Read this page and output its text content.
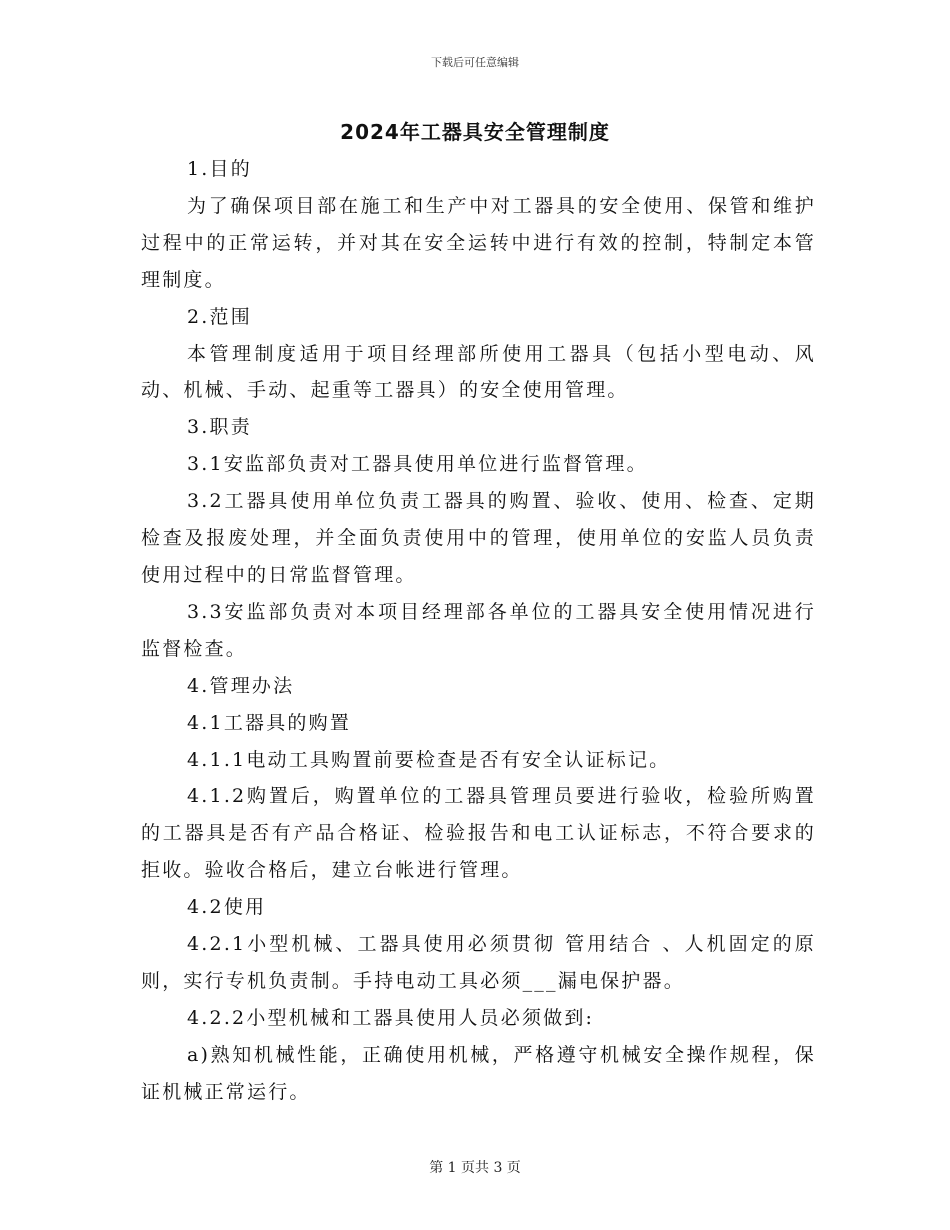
下载后可任意编辑
2024年工器具安全管理制度

1.目的

为了确保项目部在施工和生产中对工器具的安全使用、保管和维护过程中的正常运转，并对其在安全运转中进行有效的控制，特制定本管理制度。

2.范围

本管理制度适用于项目经理部所使用工器具（包括小型电动、风动、机械、手动、起重等工器具）的安全使用管理。

3.职责

3.1安监部负责对工器具使用单位进行监督管理。

3.2工器具使用单位负责工器具的购置、验收、使用、检查、定期检查及报废处理，并全面负责使用中的管理，使用单位的安监人员负责使用过程中的日常监督管理。

3.3安监部负责对本项目经理部各单位的工器具安全使用情况进行监督检查。

4.管理办法

4.1工器具的购置

4.1.1电动工具购置前要检查是否有安全认证标记。

4.1.2购置后，购置单位的工器具管理员要进行验收，检验所购置的工器具是否有产品合格证、检验报告和电工认证标志，不符合要求的拒收。验收合格后，建立台帐进行管理。

4.2使用

4.2.1小型机械、工器具使用必须贯彻 管用结合 、人机固定的原则，实行专机负责制。手持电动工具必须___漏电保护器。

4.2.2小型机械和工器具使用人员必须做到:

a)熟知机械性能，正确使用机械，严格遵守机械安全操作规程，保证机械正常运行。

第 1 页共 3 页
